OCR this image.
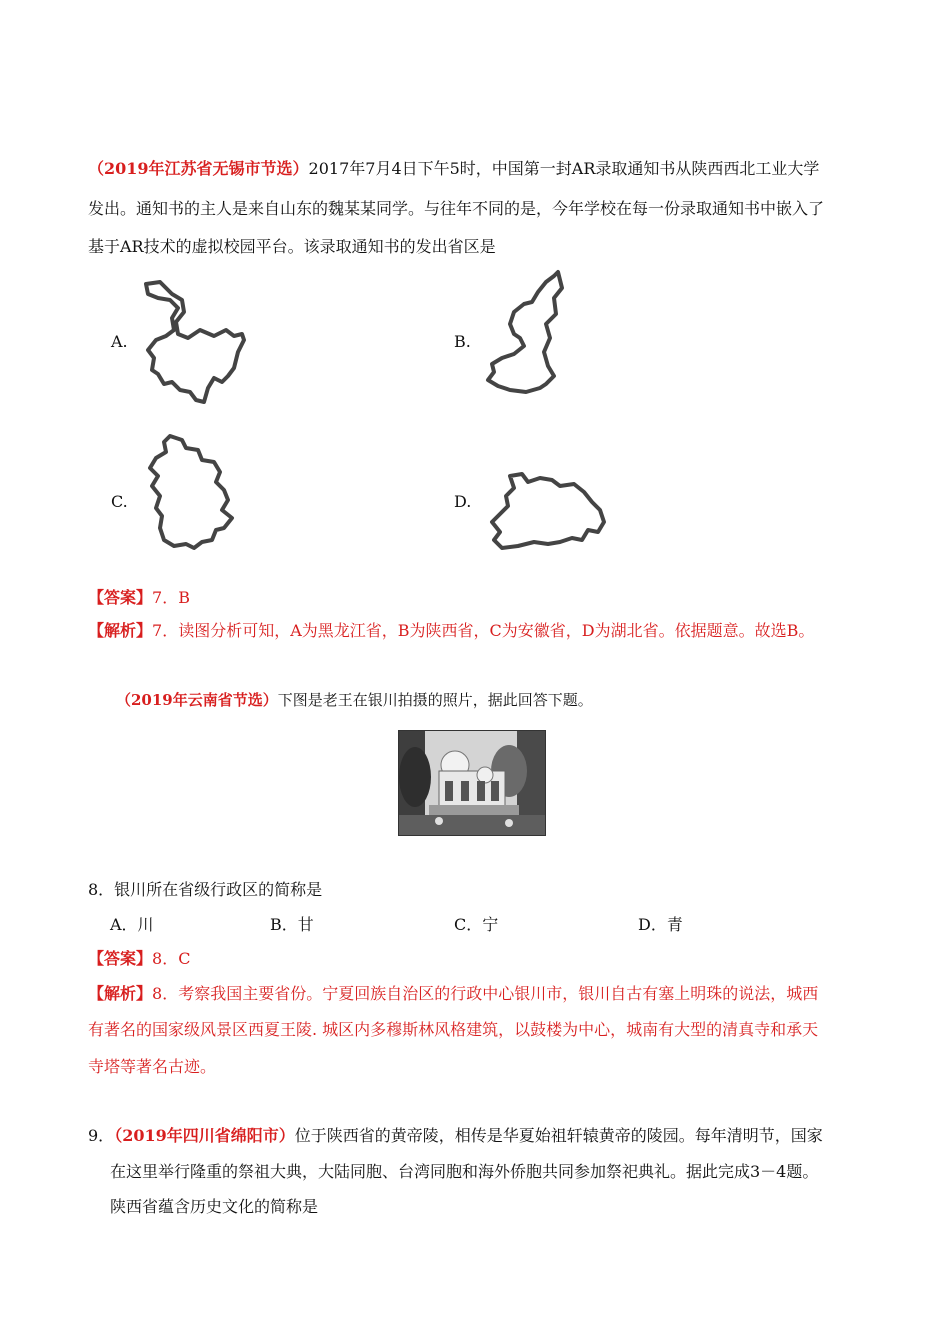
（2019年江苏省无锡市节选）2017年7月4日下午5时，中国第一封AR录取通知书从陕西西北工业大学
发出。通知书的主人是来自山东的魏某某同学。与往年不同的是，今年学校在每一份录取通知书中嵌入了
基于AR技术的虚拟校园平台。该录取通知书的发出省区是
A.	B.
C.	D.
【答案】7．B
【解析】7．读图分析可知，A为黑龙江省，B为陕西省，C为安徽省，D为湖北省。依据题意。故选B。
（2019年云南省节选）下图是老王在银川拍摄的照片，据此回答下题。
8．银川所在省级行政区的简称是
A．川	B．甘	C．宁	D．青
【答案】8．C
【解析】8．考察我国主要省份。宁夏回族自治区的行政中心银川市，银川自古有塞上明珠的说法，城西
有著名的国家级风景区西夏王陵. 城区内多穆斯林风格建筑，以鼓楼为中心，城南有大型的清真寺和承天
寺塔等著名古迹。
9．（2019年四川省绵阳市）位于陕西省的黄帝陵，相传是华夏始祖轩辕黄帝的陵园。每年清明节，国家
在这里举行隆重的祭祖大典，大陆同胞、台湾同胞和海外侨胞共同参加祭祀典礼。据此完成3－4题。
陕西省蕴含历史文化的简称是
